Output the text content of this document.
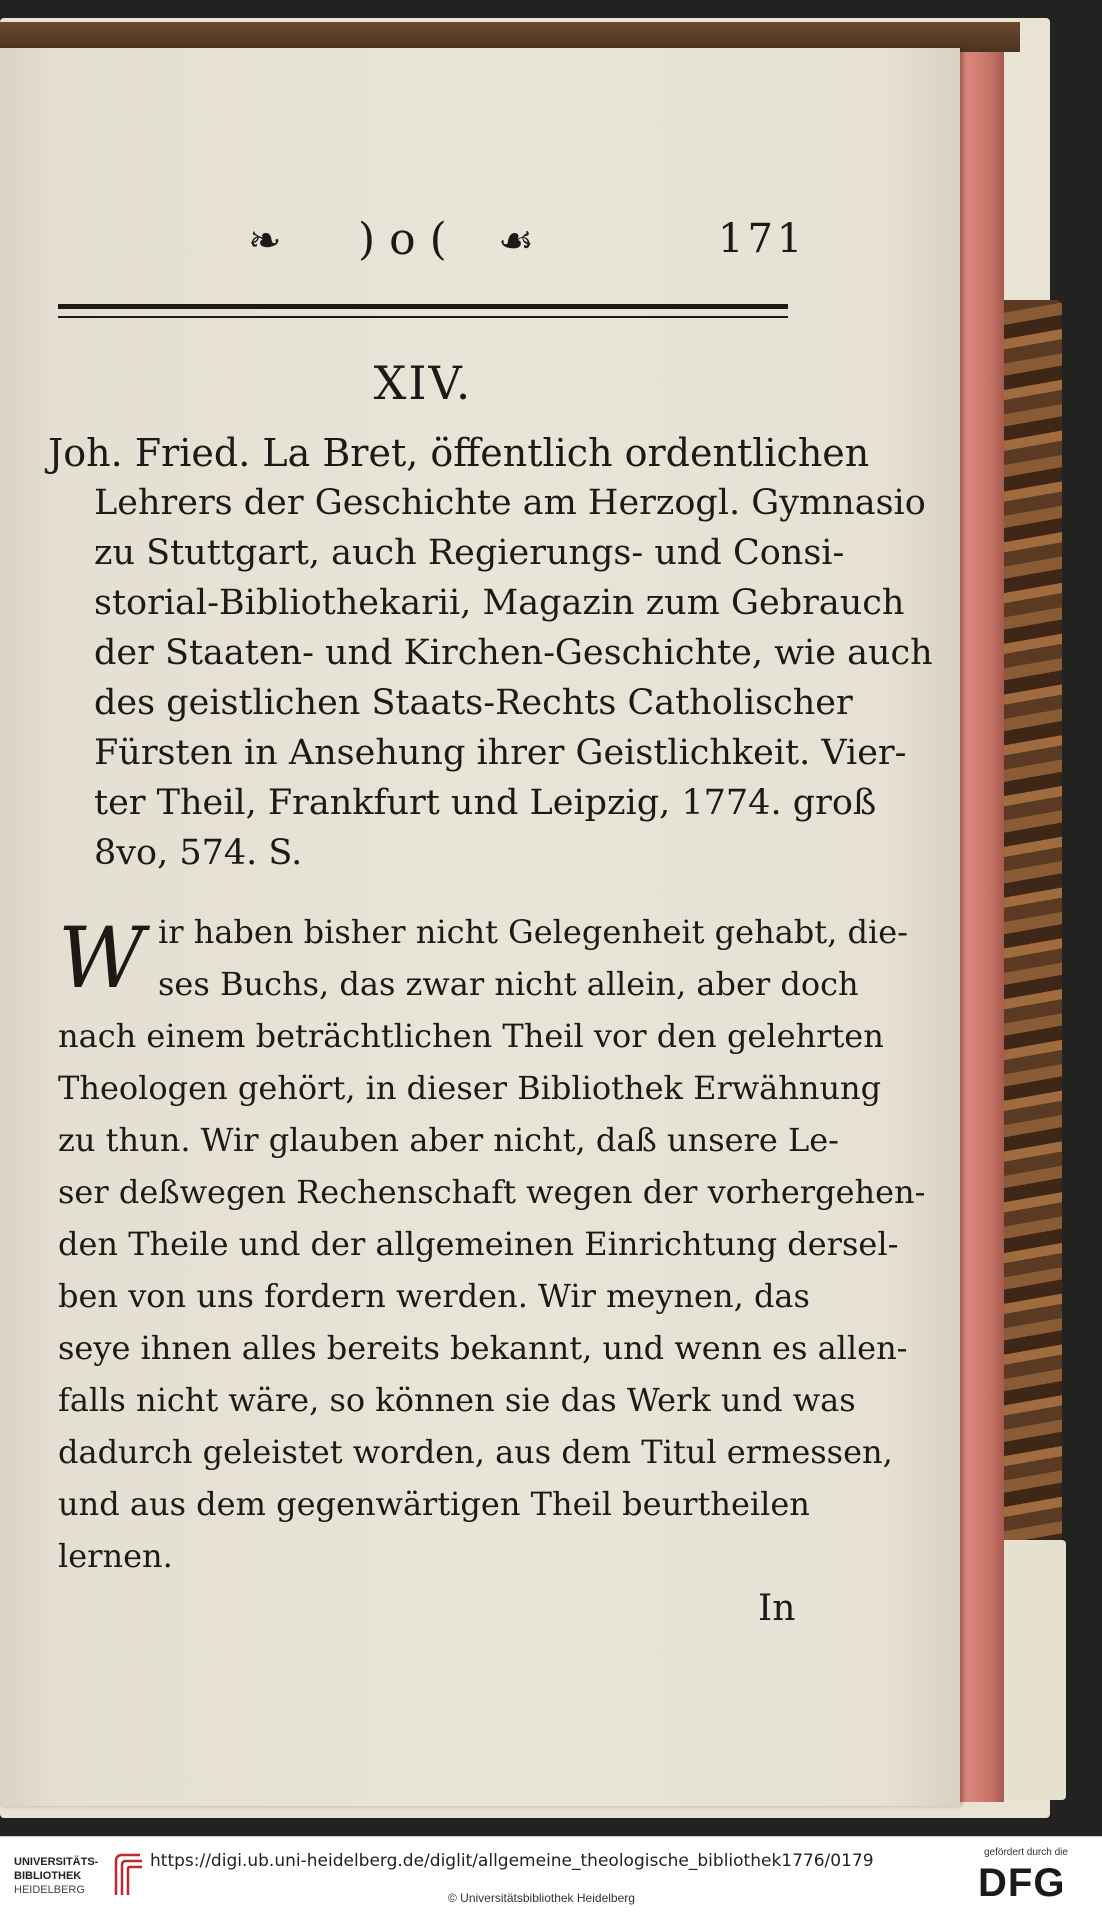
❧ )o( ☙	171
XIV.
Joh. Fried. La Bret, öffentlich ordentlichen
Lehrers der Geschichte am Herzogl. Gymnasio
zu Stuttgart, auch Regierungs- und Consi-
storial-Bibliothekarii, Magazin zum Gebrauch
der Staaten- und Kirchen-Geschichte, wie auch
des geistlichen Staats-Rechts Catholischer
Fürsten in Ansehung ihrer Geistlichkeit. Vier-
ter Theil, Frankfurt und Leipzig, 1774. groß
8vo, 574. S.
W ir haben bisher nicht Gelegenheit gehabt, die-
ses Buchs, das zwar nicht allein, aber doch
nach einem beträchtlichen Theil vor den gelehrten
Theologen gehört, in dieser Bibliothek Erwähnung
zu thun. Wir glauben aber nicht, daß unsere Le-
ser deßwegen Rechenschaft wegen der vorhergehen-
den Theile und der allgemeinen Einrichtung dersel-
ben von uns fordern werden. Wir meynen, das
seye ihnen alles bereits bekannt, und wenn es allen-
falls nicht wäre, so können sie das Werk und was
dadurch geleistet worden, aus dem Titul ermessen,
und aus dem gegenwärtigen Theil beurtheilen
lernen.
In
UNIVERSITÄTS-
BIBLIOTHEK
HEIDELBERG
https://digi.ub.uni-heidelberg.de/diglit/allgemeine_theologische_bibliothek1776/0179
© Universitätsbibliothek Heidelberg
gefördert durch die
DFG
